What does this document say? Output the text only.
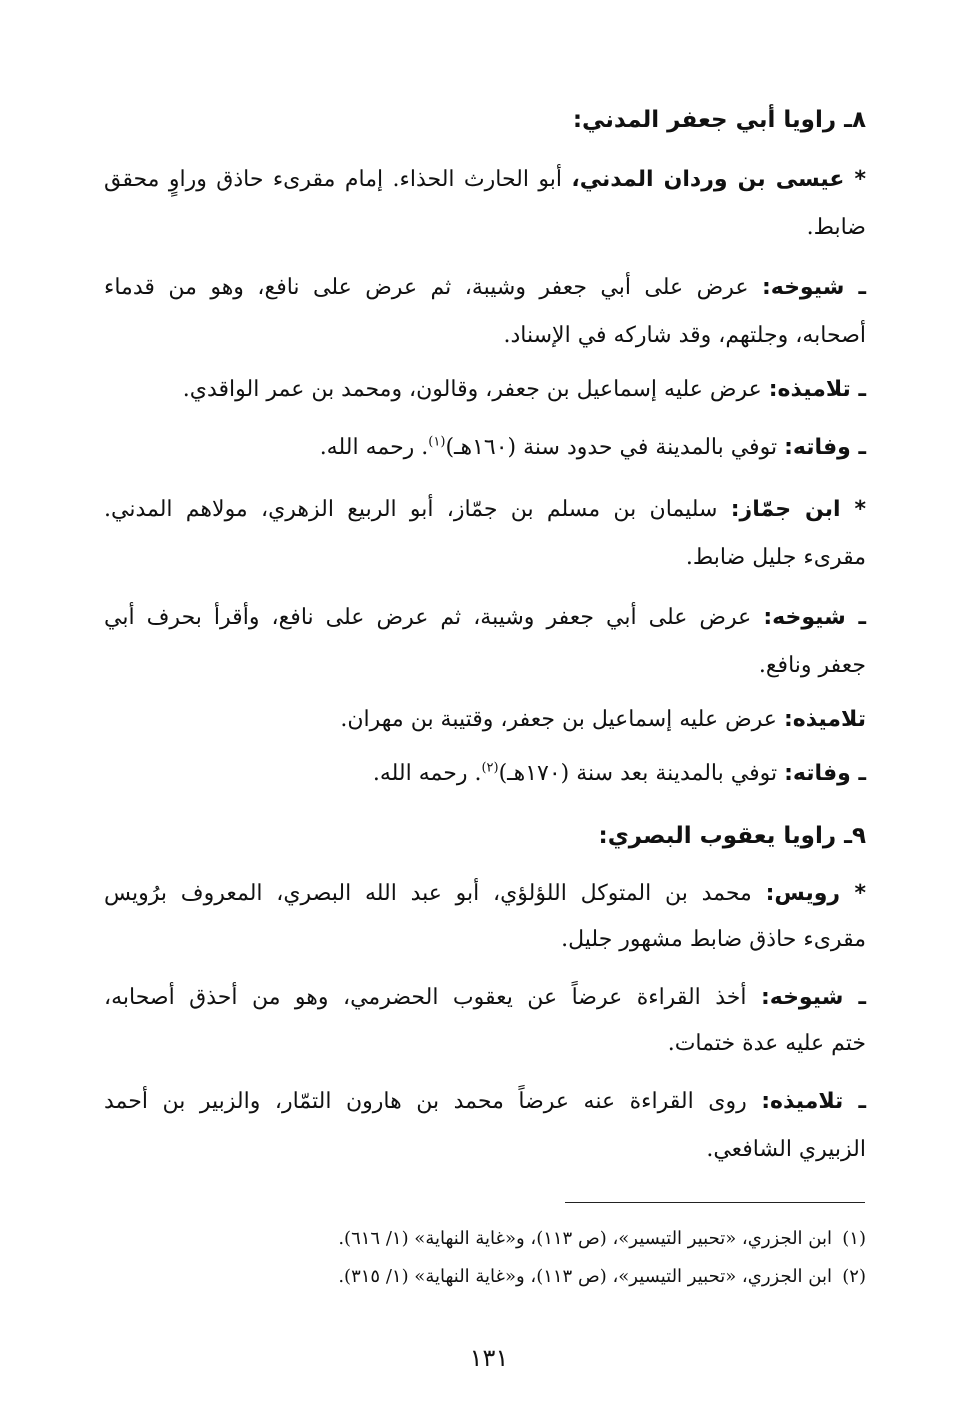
٨ـ راويا أبي جعفر المدني:
* عيسى بن وردان المدني، أبو الحارث الحذاء. إمام مقرىء حاذق وراوٍ محقق
ضابط.
ـ شيوخه: عرض على أبي جعفر وشيبة، ثم عرض على نافع، وهو من قدماء
أصحابه، وجلتهم، وقد شاركه في الإسناد.
ـ تلاميذه: عرض عليه إسماعيل بن جعفر، وقالون، ومحمد بن عمر الواقدي.
ـ وفاته: توفي بالمدينة في حدود سنة (١٦٠هـ)$^{(١)}$. رحمه الله.
* ابن جمّاز: سليمان بن مسلم بن جمّاز، أبو الربيع الزهري، مولاهم المدني.
مقرىء جليل ضابط.
ـ شيوخه: عرض على أبي جعفر وشيبة، ثم عرض على نافع، وأقرأ بحرف أبي
جعفر ونافع.
تلاميذه: عرض عليه إسماعيل بن جعفر، وقتيبة بن مهران.
ـ وفاته: توفي بالمدينة بعد سنة (١٧٠هـ)$^{(٢)}$. رحمه الله.
٩ـ راويا يعقوب البصري:
* رويس: محمد بن المتوكل اللؤلؤي، أبو عبد الله البصري، المعروف برُويس
مقرىء حاذق ضابط مشهور جليل.
ـ شيوخه: أخذ القراءة عرضاً عن يعقوب الحضرمي، وهو من أحذق أصحابه،
ختم عليه عدة ختمات.
ـ تلاميذه: روى القراءة عنه عرضاً محمد بن هارون التمّار، والزبير بن أحمد
الزبيري الشافعي.
(١)ابن الجزري، «تحبير التيسير»، (ص ١١٣)، و«غاية النهاية» (١/ ٦١٦).
(٢)ابن الجزري، «تحبير التيسير»، (ص ١١٣)، و«غاية النهاية» (١/ ٣١٥).
١٣١
